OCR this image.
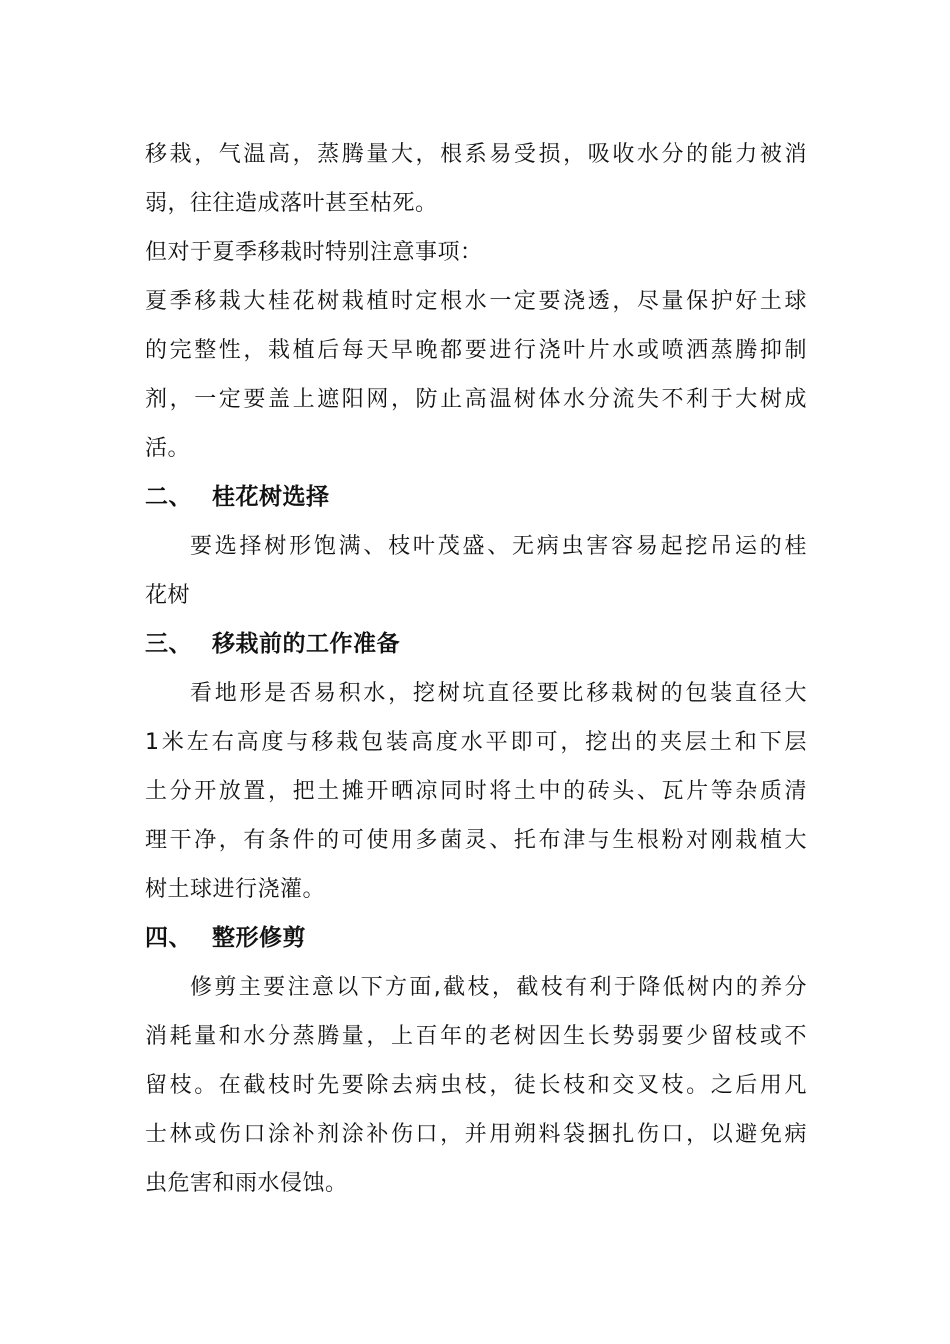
移栽，气温高，蒸腾量大，根系易受损，吸收水分的能力被消
弱，往往造成落叶甚至枯死。
但对于夏季移栽时特别注意事项：
夏季移栽大桂花树栽植时定根水一定要浇透，尽量保护好土球
的完整性，栽植后每天早晚都要进行浇叶片水或喷洒蒸腾抑制
剂，一定要盖上遮阳网，防止高温树体水分流失不利于大树成
活。
二、 桂花树选择
要选择树形饱满、枝叶茂盛、无病虫害容易起挖吊运的桂
花树
三、 移栽前的工作准备
看地形是否易积水，挖树坑直径要比移栽树的包装直径大
1米左右高度与移栽包装高度水平即可，挖出的夹层土和下层
土分开放置，把土摊开晒凉同时将土中的砖头、瓦片等杂质清
理干净，有条件的可使用多菌灵、托布津与生根粉对刚栽植大
树土球进行浇灌。
四、 整形修剪
修剪主要注意以下方面,截枝，截枝有利于降低树内的养分
消耗量和水分蒸腾量，上百年的老树因生长势弱要少留枝或不
留枝。在截枝时先要除去病虫枝，徒长枝和交叉枝。之后用凡
士林或伤口涂补剂涂补伤口，并用朔料袋捆扎伤口，以避免病
虫危害和雨水侵蚀。
